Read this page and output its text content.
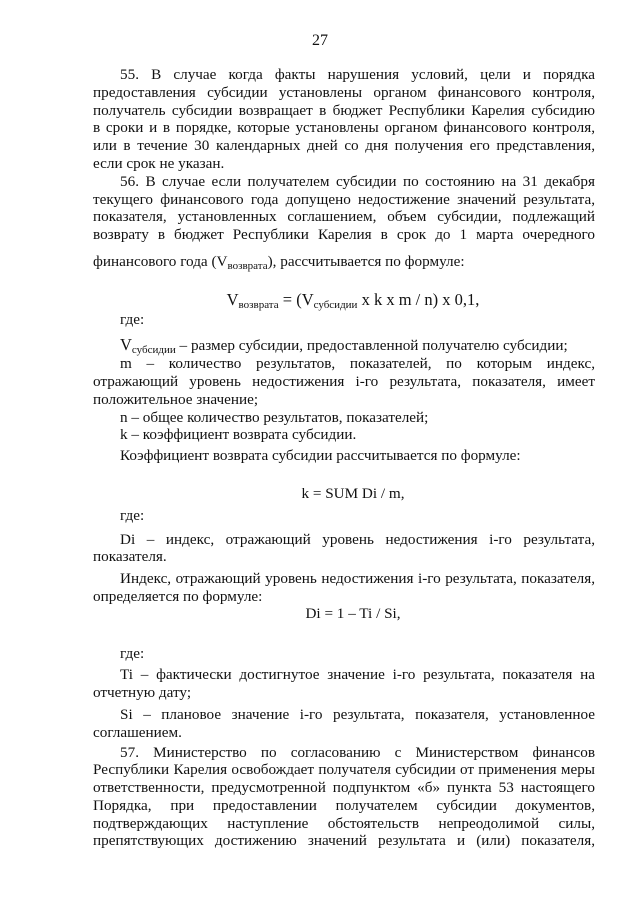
27

55. В случае когда факты нарушения условий, цели и порядка

предоставления субсидии установлены органом финансового контроля,

получатель субсидии возвращает в бюджет Республики Карелия субсидию

в сроки и в порядке, которые установлены органом финансового контроля,

или в течение 30 календарных дней со дня получения его представления,

если срок не указан.

56. В случае если получателем субсидии по состоянию на 31 декабря

текущего финансового года допущено недостижение значений результата,

показателя, установленных соглашением, объем субсидии, подлежащий

возврату в бюджет Республики Карелия в срок до 1 марта очередного

финансового года $(V_{возврата})$, рассчитывается по формуле:

$V_{возврата} = (V_{субсидии}$ x k x m / n) x 0,1,

где:

$V_{субсидии}$ – размер субсидии, предоставленной получателю субсидии;

m – количество результатов, показателей, по которым индекс,

отражающий уровень недостижения i-го результата, показателя, имеет

положительное значение;

n – общее количество результатов, показателей;

k – коэффициент возврата субсидии.

Коэффициент возврата субсидии рассчитывается по формуле:

k = SUM Di / m,

где:

Di – индекс, отражающий уровень недостижения i-го результата,

показателя.

Индекс, отражающий уровень недостижения i-го результата, показателя,

определяется по формуле:

Di = 1 – Ti / Si,

где:

Ti – фактически достигнутое значение i-го результата, показателя на

отчетную дату;

Si – плановое значение i-го результата, показателя, установленное

соглашением.

57. Министерство по согласованию с Министерством финансов

Республики Карелия освобождает получателя субсидии от применения меры

ответственности, предусмотренной подпунктом «б» пункта 53 настоящего

Порядка, при предоставлении получателем субсидии документов,

подтверждающих наступление обстоятельств непреодолимой силы,

препятствующих достижению значений результата и (или) показателя,
